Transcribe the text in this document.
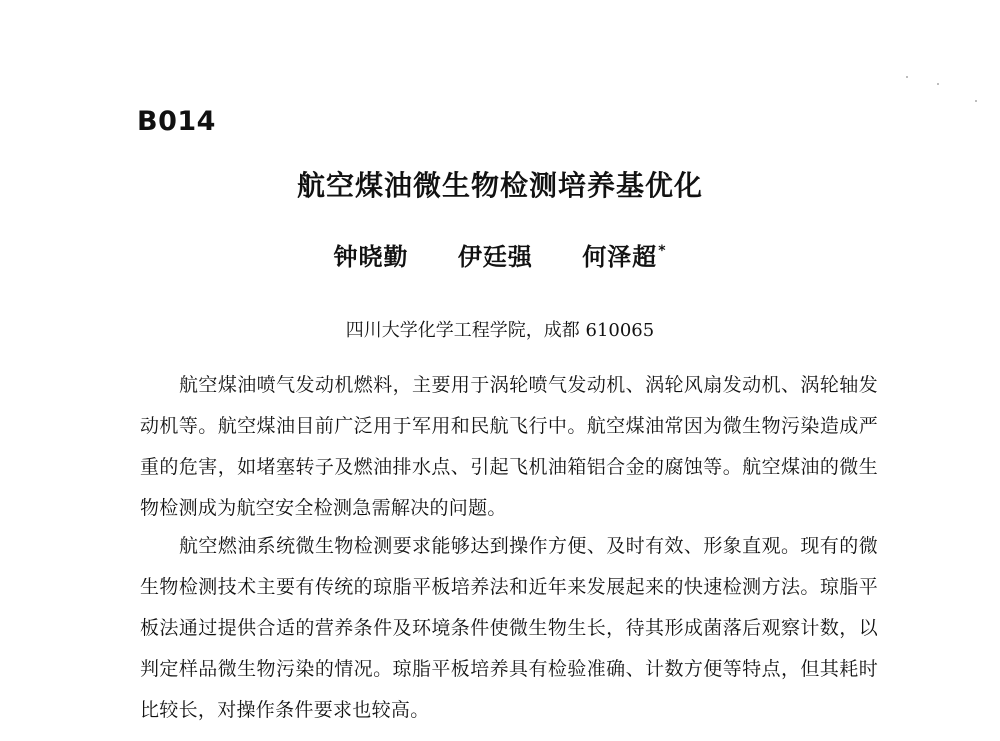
B014
航空煤油微生物检测培养基优化
钟晓勤 伊廷强 何泽超*
四川大学化学工程学院，成都 610065

航空煤油喷气发动机燃料，主要用于涡轮喷气发动机、涡轮风扇发动机、涡轮轴发动机等。航空煤油目前广泛用于军用和民航飞行中。航空煤油常因为微生物污染造成严重的危害，如堵塞转子及燃油排水点、引起飞机油箱铝合金的腐蚀等。航空煤油的微生物检测成为航空安全检测急需解决的问题。

航空燃油系统微生物检测要求能够达到操作方便、及时有效、形象直观。现有的微生物检测技术主要有传统的琼脂平板培养法和近年来发展起来的快速检测方法。琼脂平板法通过提供合适的营养条件及环境条件使微生物生长，待其形成菌落后观察计数，以判定样品微生物污染的情况。琼脂平板培养具有检验准确、计数方便等特点，但其耗时比较长，对操作条件要求也较高。
